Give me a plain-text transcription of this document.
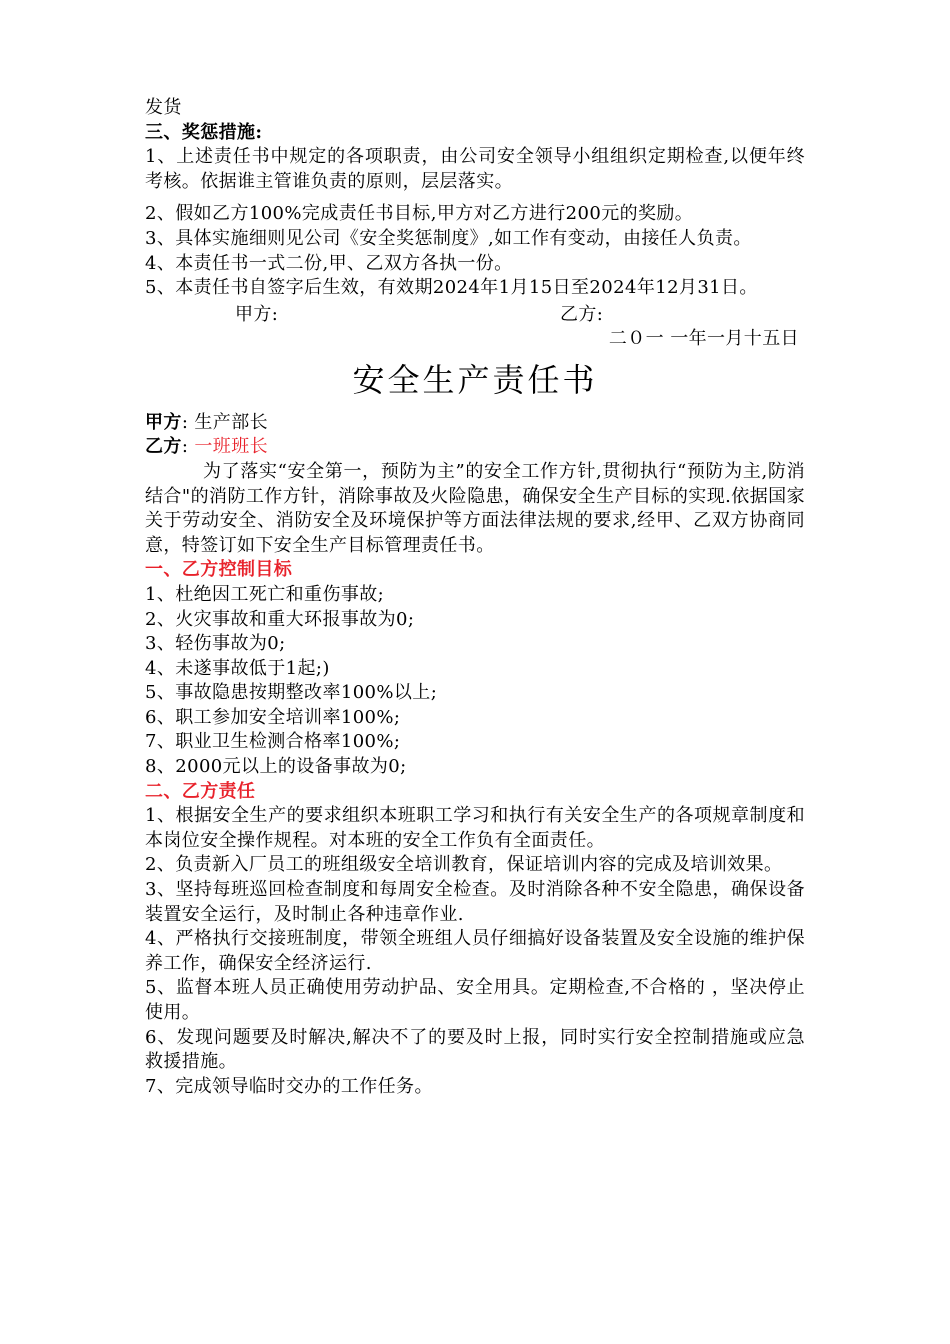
发货

三、奖惩措施:

1、上述责任书中规定的各项职责，由公司安全领导小组组织定期检查,以便年终考核。依据谁主管谁负责的原则，层层落实。

2、假如乙方100%完成责任书目标,甲方对乙方进行200元的奖励。

3、具体实施细则见公司《安全奖惩制度》,如工作有变动，由接任人负责。

4、本责任书一式二份,甲、乙双方各执一份。

5、本责任书自签字后生效，有效期2024年1月15日至2024年12月31日。

甲方:	乙方:

二０一 一年一月十五日

安全生产责任书

甲方: 生产部长

乙方: 一班班长

为了落实“安全第一，预防为主”的安全工作方针,贯彻执行“预防为主,防消结合"的消防工作方针，消除事故及火险隐患，确保安全生产目标的实现.依据国家关于劳动安全、消防安全及环境保护等方面法律法规的要求,经甲、乙双方协商同意，特签订如下安全生产目标管理责任书。

一、乙方控制目标

1、杜绝因工死亡和重伤事故;

2、火灾事故和重大环报事故为0;

3、轻伤事故为0;

4、未遂事故低于1起;)

5、事故隐患按期整改率100%以上;

6、职工参加安全培训率100%;

7、职业卫生检测合格率100%;

8、2000元以上的设备事故为0;

二、乙方责任

1、根据安全生产的要求组织本班职工学习和执行有关安全生产的各项规章制度和本岗位安全操作规程。对本班的安全工作负有全面责任。

2、负责新入厂员工的班组级安全培训教育，保证培训内容的完成及培训效果。

3、坚持每班巡回检查制度和每周安全检查。及时消除各种不安全隐患，确保设备装置安全运行，及时制止各种违章作业.

4、严格执行交接班制度，带领全班组人员仔细搞好设备装置及安全设施的维护保养工作，确保安全经济运行.

5、监督本班人员正确使用劳动护品、安全用具。定期检查,不合格的 ，坚决停止使用。

6、发现问题要及时解决,解决不了的要及时上报，同时实行安全控制措施或应急救援措施。

7、完成领导临时交办的工作任务。
